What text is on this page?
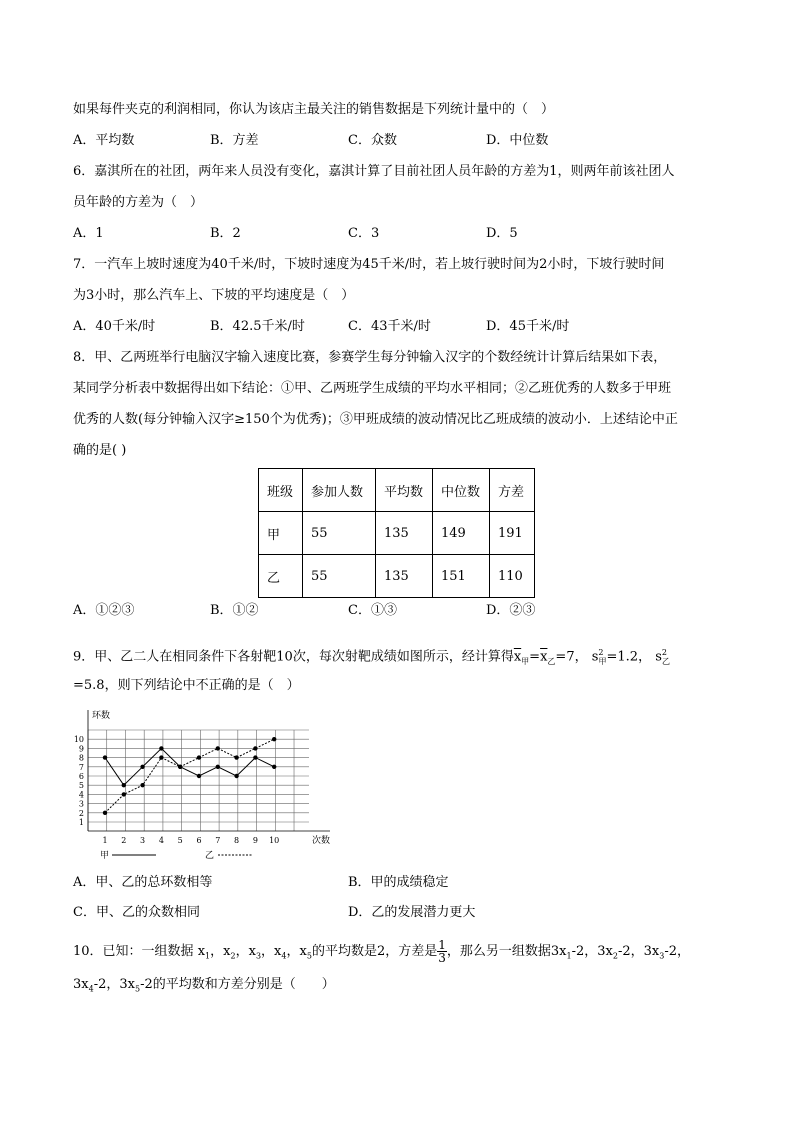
如果每件夹克的利润相同，你认为该店主最关注的销售数据是下列统计量中的（　）
A．平均数	B．方差	C．众数	D．中位数
6．嘉淇所在的社团，两年来人员没有变化，嘉淇计算了目前社团人员年龄的方差为1，则两年前该社团人
员年龄的方差为（　）
A．1	B．2	C．3	D．5
7．一汽车上坡时速度为40千米/时，下坡时速度为45千米/时，若上坡行驶时间为2小时，下坡行驶时间
为3小时，那么汽车上、下坡的平均速度是（　）
A．40千米/时	B．42.5千米/时	C．43千米/时	D．45千米/时
8．甲、乙两班举行电脑汉字输入速度比赛，参赛学生每分钟输入汉字的个数经统计计算后结果如下表，
某同学分析表中数据得出如下结论：①甲、乙两班学生成绩的平均水平相同；②乙班优秀的人数多于甲班
优秀的人数(每分钟输入汉字≥150个为优秀)；③甲班成绩的波动情况比乙班成绩的波动小．上述结论中正
确的是( )
班级	参加人数	平均数	中位数	方差
甲	55	135	149	191
乙	55	135	151	110
A．①②③	B．①②	C．①③	D．②③
9．甲、乙二人在相同条件下各射靶10次，每次射靶成绩如图所示，经计算得$\overline{x}_甲=\overline{x}_乙=7$， $s^2_甲=1.2$， $s^2_乙$
=5.8，则下列结论中不正确的是（　）
1
2
3
4
5
6
7
8
9
10
1 2 3 4 5 6 7 8 9 10
环数
次数
甲	乙
A．甲、乙的总环数相等	B．甲的成绩稳定
C．甲、乙的众数相同	D．乙的发展潜力更大
10．已知：一组数据 $x_1$，$x_2$，$x_3$，$x_4$，$x_5$的平均数是2，方差是 $\frac{1}{3}$ ，那么另一组数据$3x_1-2$，$3x_2-2$，$3x_3-2$，
$3x_4-2$，$3x_5-2$的平均数和方差分别是（　　）
